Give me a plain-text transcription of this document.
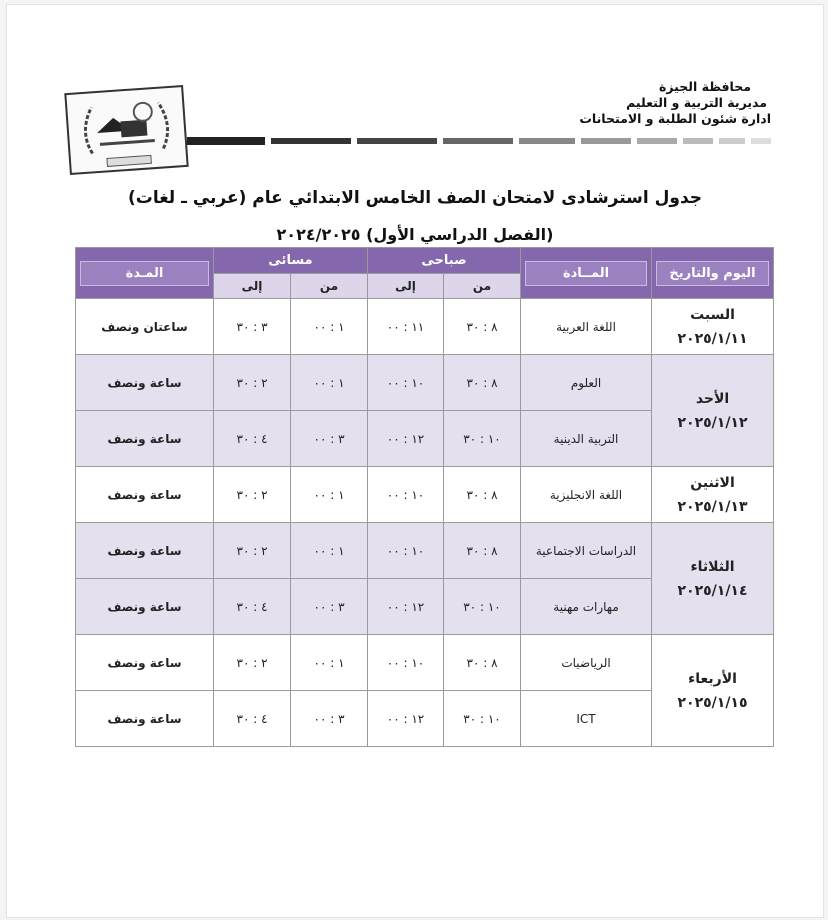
محافظة الجيزة
مديرية التربية و التعليم
ادارة شئون الطلبة و الامتحانات
جدول استرشادى لامتحان الصف الخامس الابتدائي عام (عربي ـ لغات)
(الفصل الدراسي الأول) ٢٠٢٤/٢٠٢٥
اليوم والتاريخ	المــادة	صباحى		مسائى		المـدة
		من	إلى	من	إلى	

السبت
٢٠٢٥/١/١١	اللغة العربية	٨ : ٣٠	١١ : ٠٠	١ : ٠٠	٣ : ٣٠	ساعتان ونصف

الأحد
٢٠٢٥/١/١٢	العلوم	٨ : ٣٠	١٠ : ٠٠	١ : ٠٠	٢ : ٣٠	ساعة ونصف
	التربية الدينية	١٠ : ٣٠	١٢ : ٠٠	٣ : ٠٠	٤ : ٣٠	ساعة ونصف

الاثنين
٢٠٢٥/١/١٣	اللغة الانجليزية	٨ : ٣٠	١٠ : ٠٠	١ : ٠٠	٢ : ٣٠	ساعة ونصف

الثلاثاء
٢٠٢٥/١/١٤	الدراسات الاجتماعية	٨ : ٣٠	١٠ : ٠٠	١ : ٠٠	٢ : ٣٠	ساعة ونصف
	مهارات مهنية	١٠ : ٣٠	١٢ : ٠٠	٣ : ٠٠	٤ : ٣٠	ساعة ونصف

الأربعاء
٢٠٢٥/١/١٥	الرياضيات	٨ : ٣٠	١٠ : ٠٠	١ : ٠٠	٢ : ٣٠	ساعة ونصف
	ICT	١٠ : ٣٠	١٢ : ٠٠	٣ : ٠٠	٤ : ٣٠	ساعة ونصف
